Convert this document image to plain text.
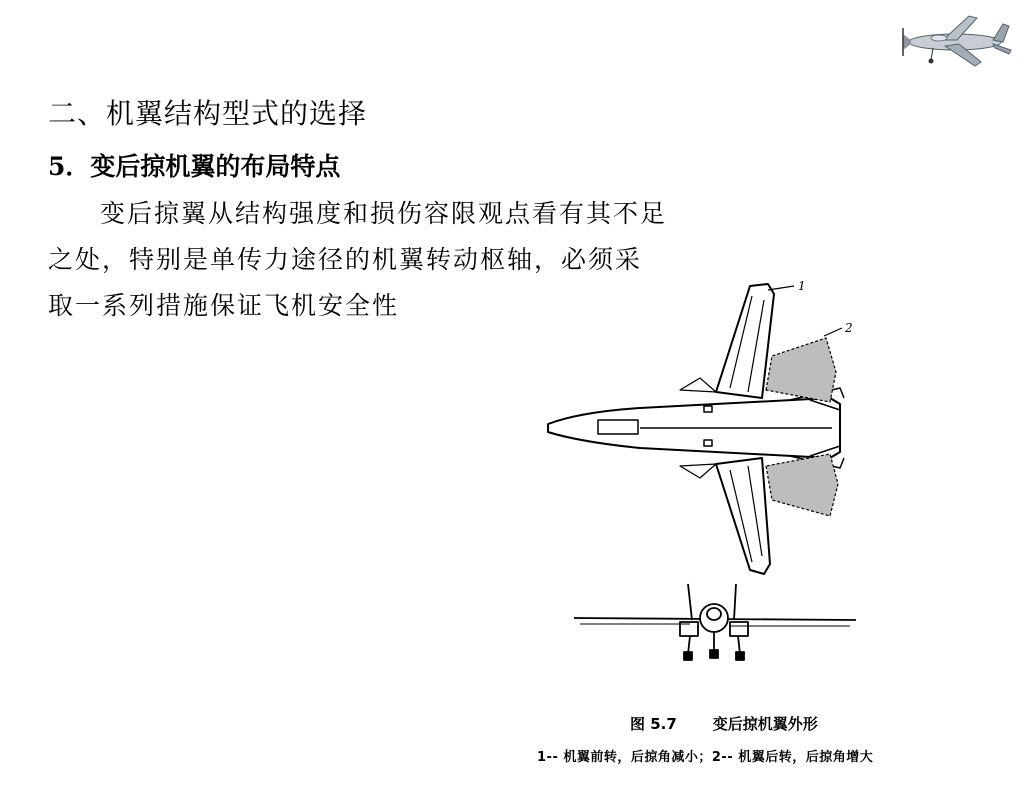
二、机翼结构型式的选择
5．变后掠机翼的布局特点
变后掠翼从结构强度和损伤容限观点看有其不足
之处，特别是单传力途径的机翼转动枢轴，必须采
取一系列措施保证飞机安全性
1
2
图 5.7 变后掠机翼外形
1-- 机翼前转，后掠角减小；2-- 机翼后转，后掠角增大
